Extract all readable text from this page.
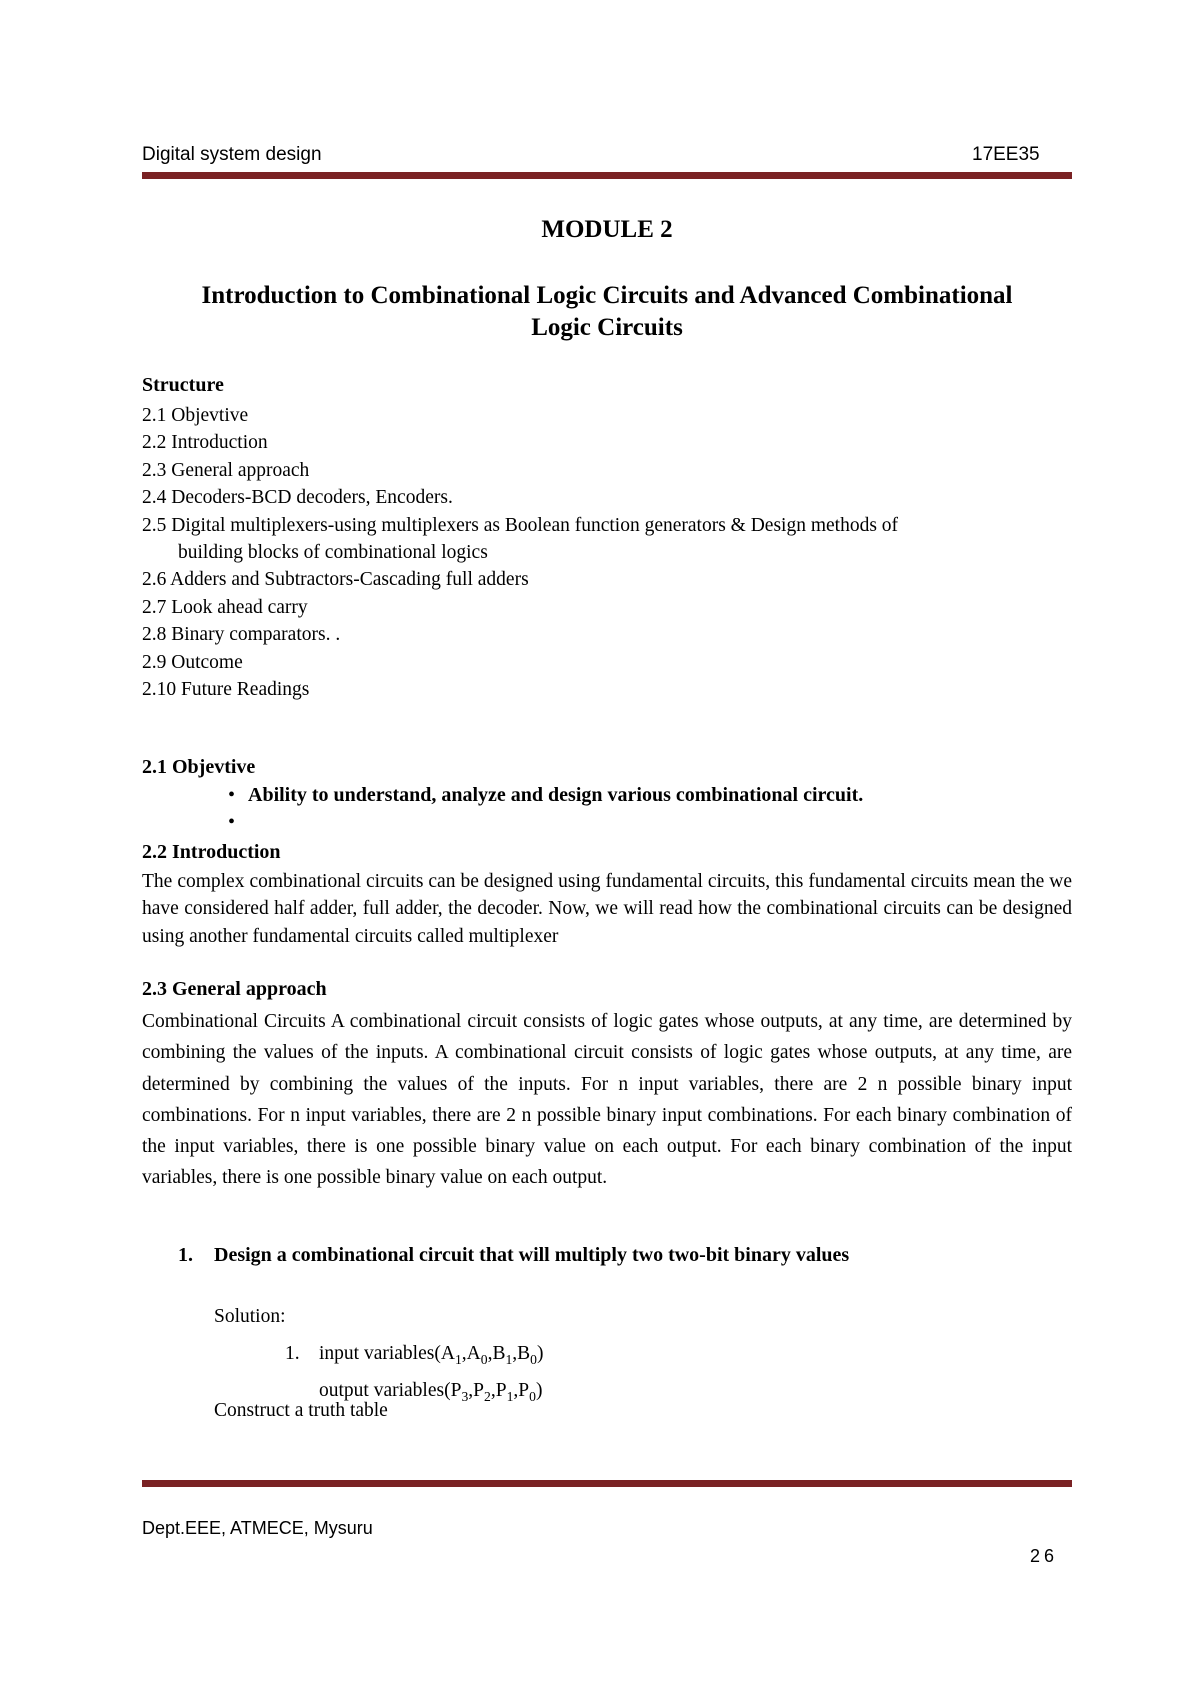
Digital system design	17EE35
MODULE 2
Introduction to Combinational Logic Circuits and Advanced Combinational
Logic Circuits
Structure
2.1 Objevtive
2.2 Introduction
2.3 General approach
2.4 Decoders-BCD decoders, Encoders.
2.5 Digital multiplexers-using multiplexers as Boolean function generators & Design methods of
building blocks of combinational logics
2.6 Adders and Subtractors-Cascading full adders
2.7 Look ahead carry
2.8 Binary comparators. .
2.9 Outcome
2.10 Future Readings
2.1 Objevtive
• Ability to understand, analyze and design various combinational circuit.
•
2.2 Introduction
The complex combinational circuits can be designed using fundamental circuits, this fundamental circuits mean the we have considered half adder, full adder, the decoder. Now, we will read how the combinational circuits can be designed using another fundamental circuits called multiplexer
2.3 General approach
Combinational Circuits A combinational circuit consists of logic gates whose outputs, at any time, are determined by combining the values of the inputs. A combinational circuit consists of logic gates whose outputs, at any time, are determined by combining the values of the inputs. For n input variables, there are 2 n possible binary input combinations. For n input variables, there are 2 n possible binary input combinations. For each binary combination of the input variables, there is one possible binary value on each output. For each binary combination of the input variables, there is one possible binary value on each output.
1. Design a combinational circuit that will multiply two two-bit binary values
Solution:
1. input $variables(A_1,A_0,B_1,B_0)$
output $variables(P_3,P_2,P_1,P_0)$
Construct a truth table
Dept.EEE, ATMECE, Mysuru
26
